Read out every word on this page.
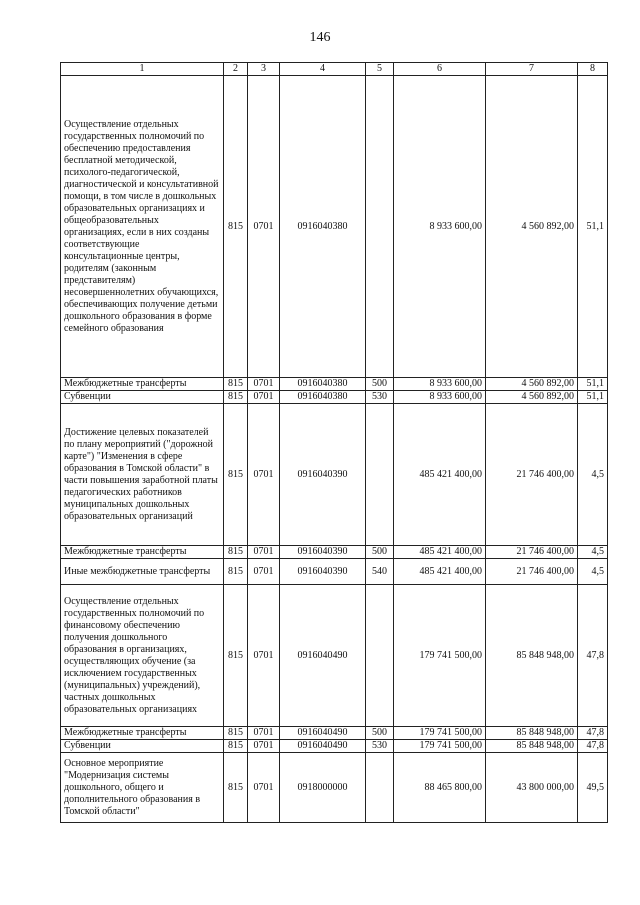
146
1	2	3	4	5	6	7	8
Осуществление отдельных государственных полномочий по обеспечению предоставления бесплатной методической, психолого-педагогической, диагностической и консультативной помощи, в том числе в дошкольных образовательных организациях и общеобразовательных организациях, если в них созданы соответствующие консультационные центры, родителям (законным представителям) несовершеннолетних обучающихся, обеспечивающих получение детьми дошкольного образования в форме семейного образования	815	0701	0916040380		8 933 600,00	4 560 892,00	51,1
Межбюджетные трансферты	815	0701	0916040380	500	8 933 600,00	4 560 892,00	51,1
Субвенции	815	0701	0916040380	530	8 933 600,00	4 560 892,00	51,1
Достижение целевых показателей по плану мероприятий ("дорожной карте") "Изменения в сфере образования в Томской области" в части повышения заработной платы педагогических работников муниципальных дошкольных образовательных организаций	815	0701	0916040390		485 421 400,00	21 746 400,00	4,5
Межбюджетные трансферты	815	0701	0916040390	500	485 421 400,00	21 746 400,00	4,5
Иные межбюджетные трансферты	815	0701	0916040390	540	485 421 400,00	21 746 400,00	4,5
Осуществление отдельных государственных полномочий по финансовому обеспечению получения дошкольного образования в организациях, осуществляющих обучение (за исключением государственных (муниципальных) учреждений), частных дошкольных образовательных организациях	815	0701	0916040490		179 741 500,00	85 848 948,00	47,8
Межбюджетные трансферты	815	0701	0916040490	500	179 741 500,00	85 848 948,00	47,8
Субвенции	815	0701	0916040490	530	179 741 500,00	85 848 948,00	47,8
Основное мероприятие "Модернизация системы дошкольного, общего и дополнительного образования в Томской области"	815	0701	0918000000		88 465 800,00	43 800 000,00	49,5
